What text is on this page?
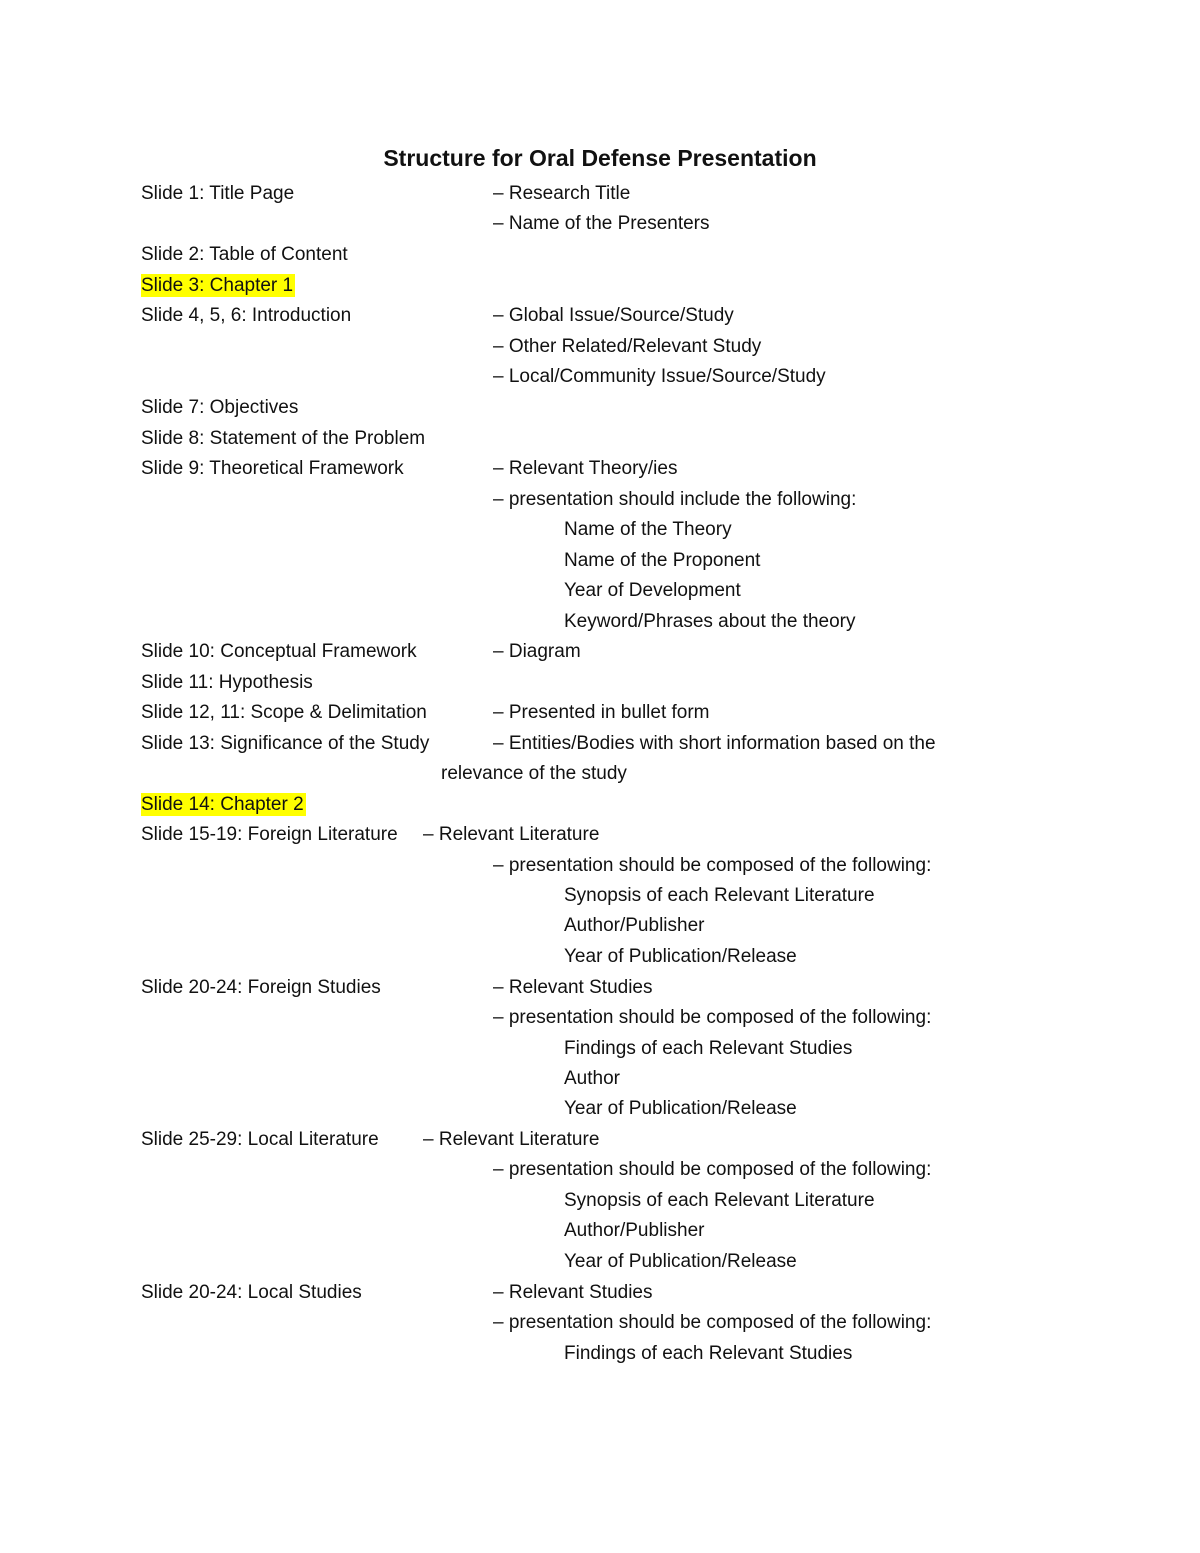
Structure for Oral Defense Presentation
Slide 1: Title Page	– Research Title
– Name of the Presenters
Slide 2: Table of Content
Slide 3: Chapter 1
Slide 4, 5, 6: Introduction	– Global Issue/Source/Study
– Other Related/Relevant Study
– Local/Community Issue/Source/Study
Slide 7: Objectives
Slide 8: Statement of the Problem
Slide 9: Theoretical Framework	– Relevant Theory/ies
– presentation should include the following:
Name of the Theory
Name of the Proponent
Year of Development
Keyword/Phrases about the theory
Slide 10: Conceptual Framework	– Diagram
Slide 11: Hypothesis
Slide 12, 11: Scope & Delimitation	– Presented in bullet form
Slide 13: Significance of the Study	– Entities/Bodies with short information based on the
relevance of the study
Slide 14: Chapter 2
Slide 15-19: Foreign Literature – Relevant Literature
– presentation should be composed of the following:
Synopsis of each Relevant Literature
Author/Publisher
Year of Publication/Release
Slide 20-24: Foreign Studies	– Relevant Studies
– presentation should be composed of the following:
Findings of each Relevant Studies
Author
Year of Publication/Release
Slide 25-29: Local Literature – Relevant Literature
– presentation should be composed of the following:
Synopsis of each Relevant Literature
Author/Publisher
Year of Publication/Release
Slide 20-24: Local Studies	– Relevant Studies
– presentation should be composed of the following:
Findings of each Relevant Studies
